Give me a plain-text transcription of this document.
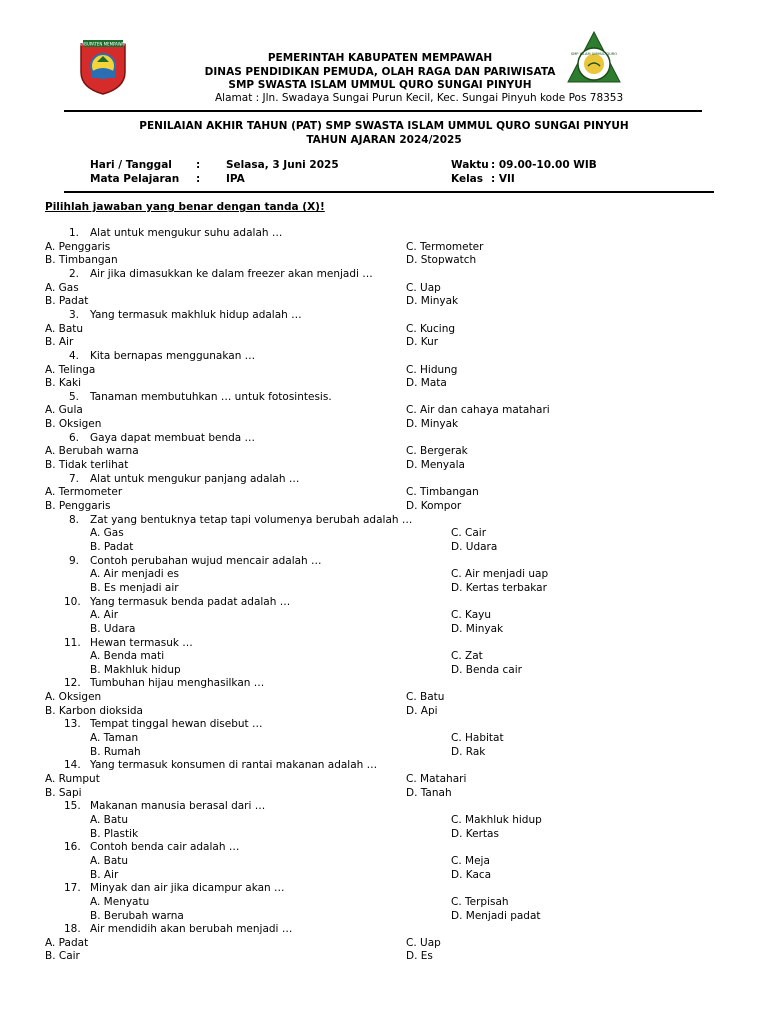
KABUPATEN MEMPAWAH
SMP ISLAM UMMUL QURO
PEMERINTAH KABUPATEN MEMPAWAH
DINAS PENDIDIKAN PEMUDA, OLAH RAGA DAN PARIWISATA
SMP SWASTA ISLAM UMMUL QURO SUNGAI PINYUH
Alamat : Jln. Swadaya Sungai Purun Kecil, Kec. Sungai Pinyuh kode Pos 78353
PENILAIAN AKHIR TAHUN (PAT) SMP SWASTA ISLAM UMMUL QURO SUNGAI PINYUH
TAHUN AJARAN 2024/2025
Hari / Tanggal : Selasa, 3 Juni 2025	Waktu : 09.00-10.00 WIB
Mata Pelajaran : IPA	Kelas : VII
Pilihlah jawaban yang benar dengan tanda (X)!
1. Alat untuk mengukur suhu adalah …
A. Penggaris	C. Termometer
B. Timbangan	D. Stopwatch
2. Air jika dimasukkan ke dalam freezer akan menjadi …
A. Gas	C. Uap
B. Padat	D. Minyak
3. Yang termasuk makhluk hidup adalah …
A. Batu	C. Kucing
B. Air	D. Kur
4. Kita bernapas menggunakan …
A. Telinga	C. Hidung
B. Kaki	D. Mata
5. Tanaman membutuhkan … untuk fotosintesis.
A. Gula	C. Air dan cahaya matahari
B. Oksigen	D. Minyak
6. Gaya dapat membuat benda …
A. Berubah warna	C. Bergerak
B. Tidak terlihat	D. Menyala
7. Alat untuk mengukur panjang adalah …
A. Termometer	C. Timbangan
B. Penggaris	D. Kompor
8. Zat yang bentuknya tetap tapi volumenya berubah adalah …
A. Gas	C. Cair
B. Padat	D. Udara
9. Contoh perubahan wujud mencair adalah …
A. Air menjadi es	C. Air menjadi uap
B. Es menjadi air	D. Kertas terbakar
10. Yang termasuk benda padat adalah …
A. Air	C. Kayu
B. Udara	D. Minyak
11. Hewan termasuk …
A. Benda mati	C. Zat
B. Makhluk hidup	D. Benda cair
12. Tumbuhan hijau menghasilkan …
A. Oksigen	C. Batu
B. Karbon dioksida	D. Api
13. Tempat tinggal hewan disebut …
A. Taman	C. Habitat
B. Rumah	D. Rak
14. Yang termasuk konsumen di rantai makanan adalah …
A. Rumput	C. Matahari
B. Sapi	D. Tanah
15. Makanan manusia berasal dari …
A. Batu	C. Makhluk hidup
B. Plastik	D. Kertas
16. Contoh benda cair adalah …
A. Batu	C. Meja
B. Air	D. Kaca
17. Minyak dan air jika dicampur akan …
A. Menyatu	C. Terpisah
B. Berubah warna	D. Menjadi padat
18. Air mendidih akan berubah menjadi …
A. Padat	C. Uap
B. Cair	D. Es
